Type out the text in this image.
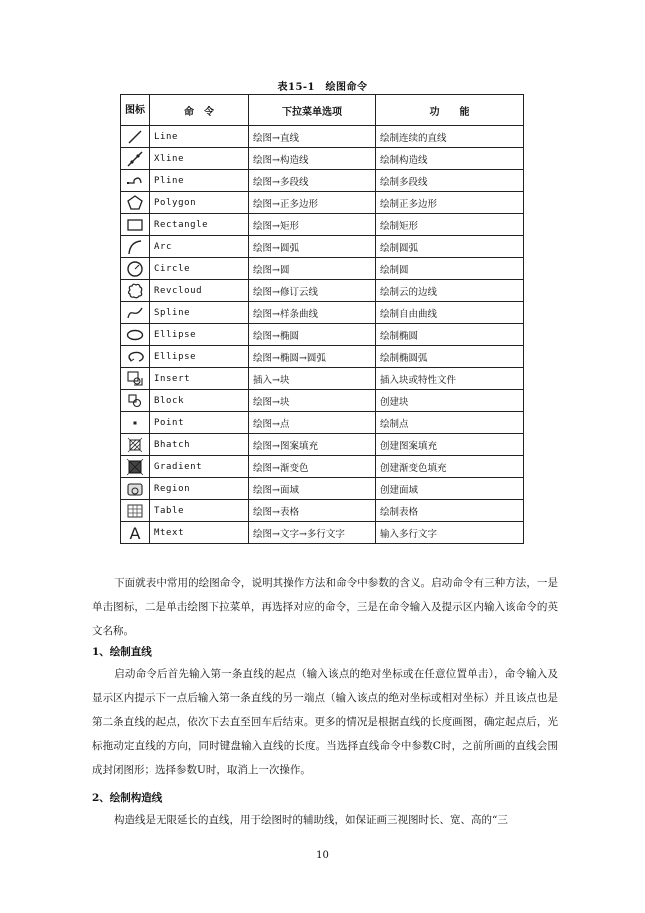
表15-1　绘图命令
图标	命　令	下拉菜单选项	功　　能

	Line	绘图→直线	绘制连续的直线

	Xline	绘图→构造线	绘制构造线

	Pline	绘图→多段线	绘制多段线

	Polygon	绘图→正多边形	绘制正多边形

	Rectangle	绘图→矩形	绘制矩形

	Arc	绘图→圆弧	绘制圆弧

	Circle	绘图→圆	绘制圆

	Revcloud	绘图→修订云线	绘制云的边线

	Spline	绘图→样条曲线	绘制自由曲线

	Ellipse	绘图→椭圆	绘制椭圆

	Ellipse	绘图→椭圆→圆弧	绘制椭圆弧

	Insert	插入→块	插入块或特性文件

	Block	绘图→块	创建块

	Point	绘图→点	绘制点

	Bhatch	绘图→图案填充	创建图案填充

	Gradient	绘图→渐变色	创建渐变色填充

	Region	绘图→面域	创建面域

	Table	绘图→表格	绘制表格

A	Mtext	绘图→文字→多行文字	输入多行文字
下面就表中常用的绘图命令，说明其操作方法和命令中参数的含义。启动命令有三种方法，一是单击图标，二是单击绘图下拉菜单，再选择对应的命令，三是在命令输入及提示区内输入该命令的英文名称。
1、绘制直线
启动命令后首先输入第一条直线的起点（输入该点的绝对坐标或在任意位置单击），命令输入及显示区内提示下一点后输入第一条直线的另一端点（输入该点的绝对坐标或相对坐标）并且该点也是第二条直线的起点，依次下去直至回车后结束。更多的情况是根据直线的长度画图，确定起点后，光标拖动定直线的方向，同时键盘输入直线的长度。当选择直线命令中参数C时，之前所画的直线会围成封闭图形；选择参数U时，取消上一次操作。
2、绘制构造线
构造线是无限延长的直线，用于绘图时的辅助线，如保证画三视图时长、宽、高的“三
10
